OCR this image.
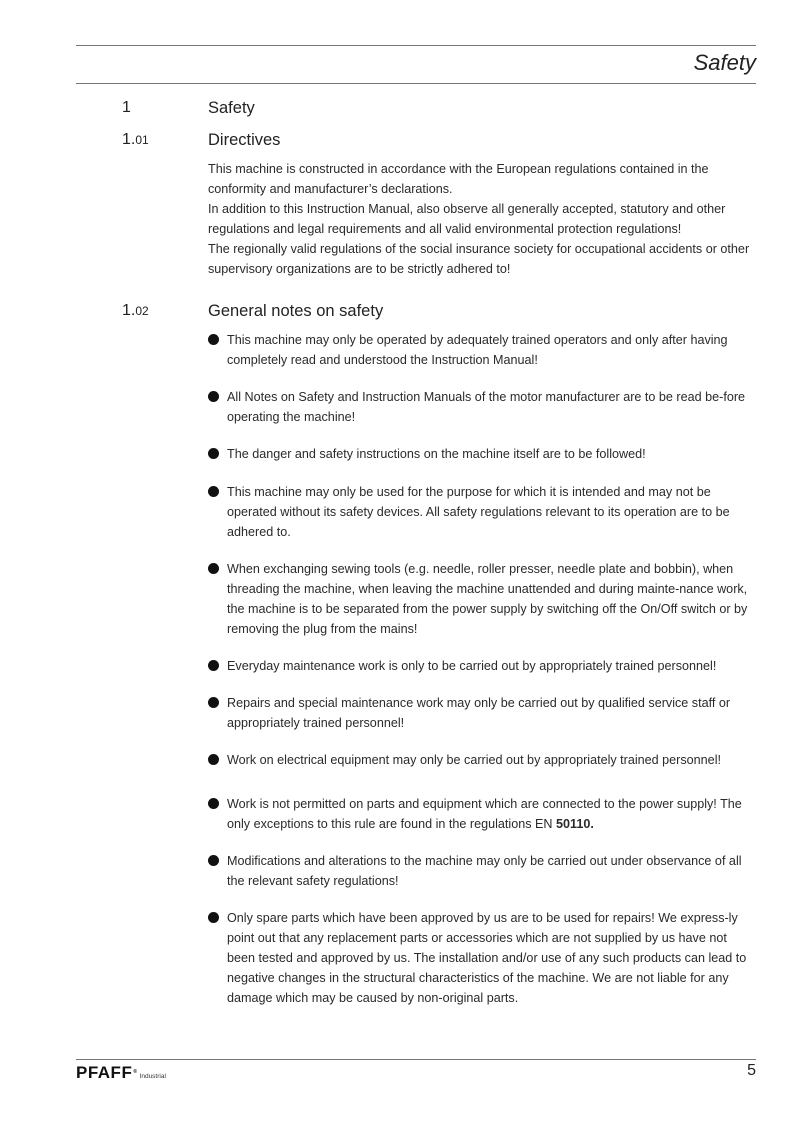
Safety
1	Safety
1.01	Directives

This machine is constructed in accordance with the European regulations contained in the conformity and manufacturer’s declarations.

In addition to this Instruction Manual, also observe all generally accepted, statutory and other regulations and legal requirements and all valid environmental protection regulations!

The regionally valid regulations of the social insurance society for occupational accidents or other supervisory organizations are to be strictly adhered to!

1.02	General notes on safety
This machine may only be operated by adequately trained operators and only after having completely read and understood the Instruction Manual!
All Notes on Safety and Instruction Manuals of the motor manufacturer are to be read be-fore operating the machine!
The danger and safety instructions on the machine itself are to be followed!
This machine may only be used for the purpose for which it is intended and may not be operated without its safety devices. All safety regulations relevant to its operation are to be adhered to.
When exchanging sewing tools (e.g. needle, roller presser, needle plate and bobbin), when threading the machine, when leaving the machine unattended and during mainte-nance work, the machine is to be separated from the power supply by switching off the On/Off switch or by removing the plug from the mains!
Everyday maintenance work is only to be carried out by appropriately trained personnel!
Repairs and special maintenance work may only be carried out by qualified service staff or appropriately trained personnel!
Work on electrical equipment may only be carried out by appropriately trained personnel!
Work is not permitted on parts and equipment which are connected to the power supply! The only exceptions to this rule are found in the regulations EN 50110.
Modifications and alterations to the machine may only be carried out under observance of all the relevant safety regulations!
Only spare parts which have been approved by us are to be used for repairs! We express-ly point out that any replacement parts or accessories which are not supplied by us have not been tested and approved by us. The installation and/or use of any such products can lead to negative changes in the structural characteristics of the machine. We are not liable for any damage which may be caused by non-original parts.
PFAFF®
Industrial	5
